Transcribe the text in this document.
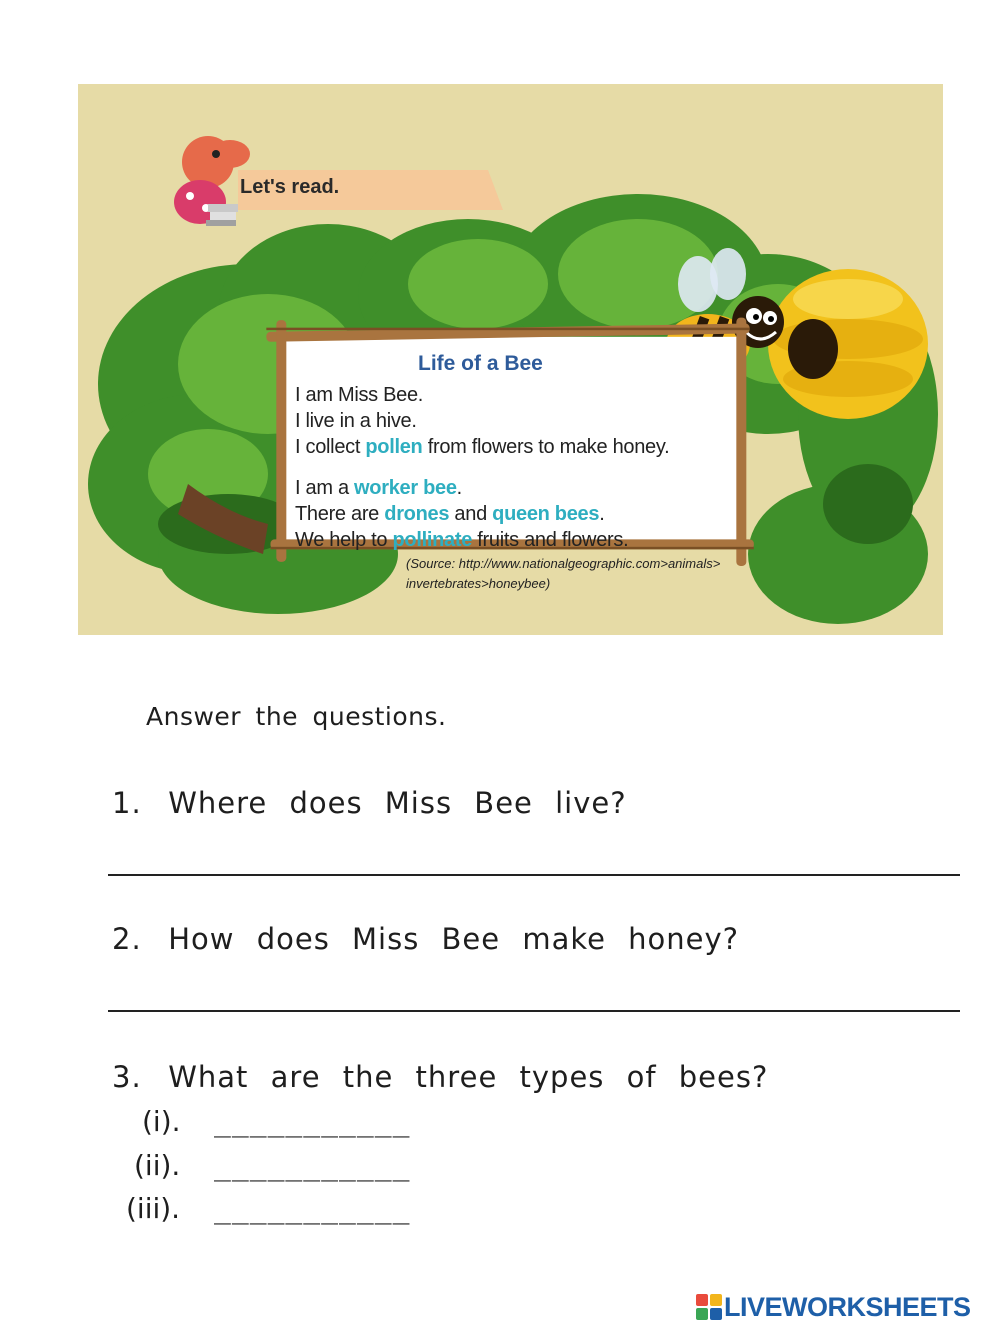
Let's read.
Life of a Bee
I am Miss Bee.
I live in a hive.
I collect pollen from flowers to make honey.
I am a worker bee.
There are drones and queen bees.
We help to pollinate fruits and flowers.
(Source: http://www.nationalgeographic.com>animals>
invertebrates>honeybee)
Answer the questions.
1. Where does Miss Bee live?
2. How does Miss Bee make honey?
3. What are the three types of bees?
(i). ___________
(ii). ___________
(iii). ___________
LIVEWORKSHEETS
